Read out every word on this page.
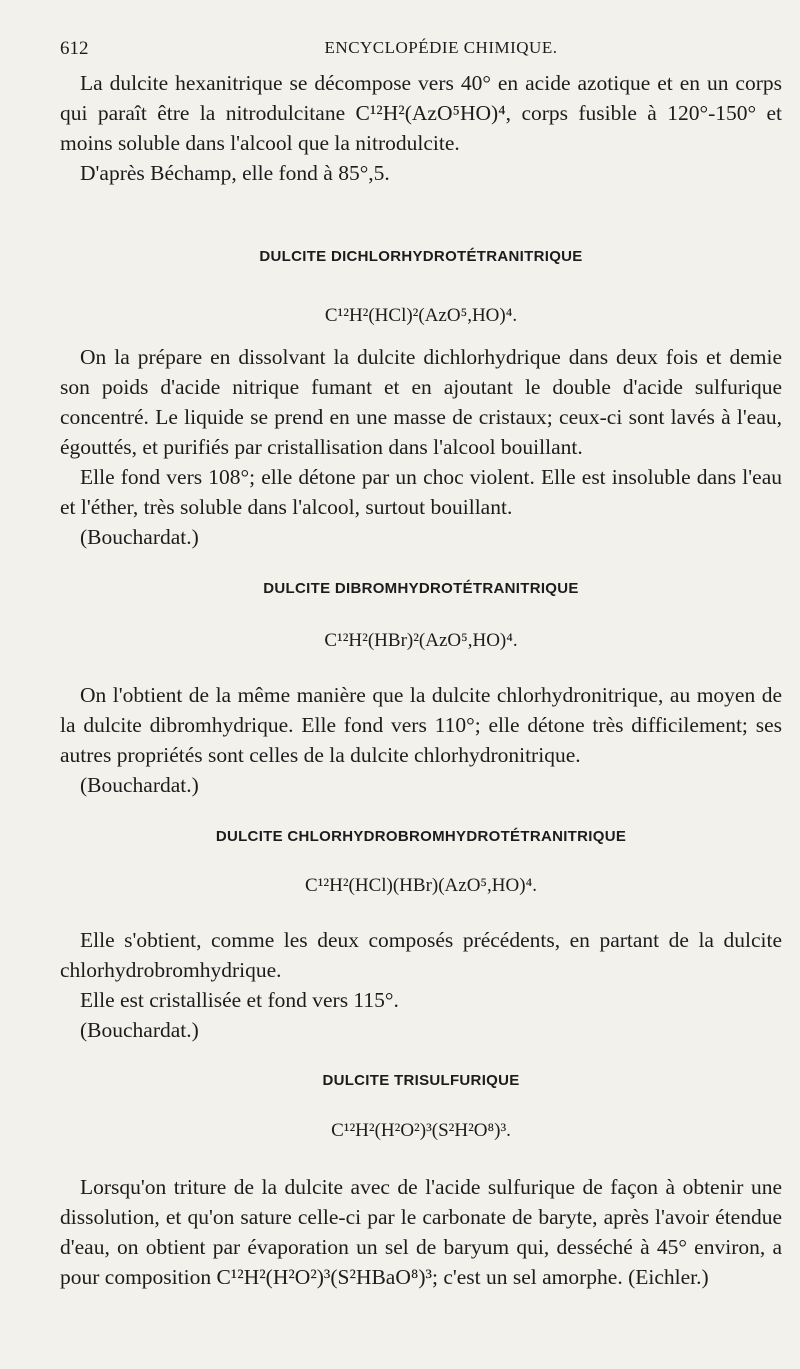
612	ENCYCLOPÉDIE CHIMIQUE.

La dulcite hexanitrique se décompose vers 40° en acide azotique et en un corps qui paraît être la nitrodulcitane C¹²H²(AzO⁵HO)⁴, corps fusible à 120°-150° et moins soluble dans l'alcool que la nitrodulcite.

D'après Béchamp, elle fond à 85°,5.

DULCITE DICHLORHYDROTÉTRANITRIQUE
C¹²H²(HCl)²(AzO⁵,HO)⁴.

On la prépare en dissolvant la dulcite dichlorhydrique dans deux fois et demie son poids d'acide nitrique fumant et en ajoutant le double d'acide sulfurique concentré. Le liquide se prend en une masse de cristaux; ceux-ci sont lavés à l'eau, égouttés, et purifiés par cristallisation dans l'alcool bouillant.

Elle fond vers 108°; elle détone par un choc violent. Elle est insoluble dans l'eau et l'éther, très soluble dans l'alcool, surtout bouillant.

(Bouchardat.)

DULCITE DIBROMHYDROTÉTRANITRIQUE
C¹²H²(HBr)²(AzO⁵,HO)⁴.

On l'obtient de la même manière que la dulcite chlorhydronitrique, au moyen de la dulcite dibromhydrique. Elle fond vers 110°; elle détone très difficilement; ses autres propriétés sont celles de la dulcite chlorhydronitrique.

(Bouchardat.)

DULCITE CHLORHYDROBROMHYDROTÉTRANITRIQUE
C¹²H²(HCl)(HBr)(AzO⁵,HO)⁴.

Elle s'obtient, comme les deux composés précédents, en partant de la dulcite chlorhydrobromhydrique.

Elle est cristallisée et fond vers 115°.

(Bouchardat.)

DULCITE TRISULFURIQUE
C¹²H²(H²O²)³(S²H²O⁸)³.

Lorsqu'on triture de la dulcite avec de l'acide sulfurique de façon à obtenir une dissolution, et qu'on sature celle-ci par le carbonate de baryte, après l'avoir étendue d'eau, on obtient par évaporation un sel de baryum qui, desséché à 45° environ, a pour composition C¹²H²(H²O²)³(S²HBaO⁸)³; c'est un sel amorphe. (Eichler.)
